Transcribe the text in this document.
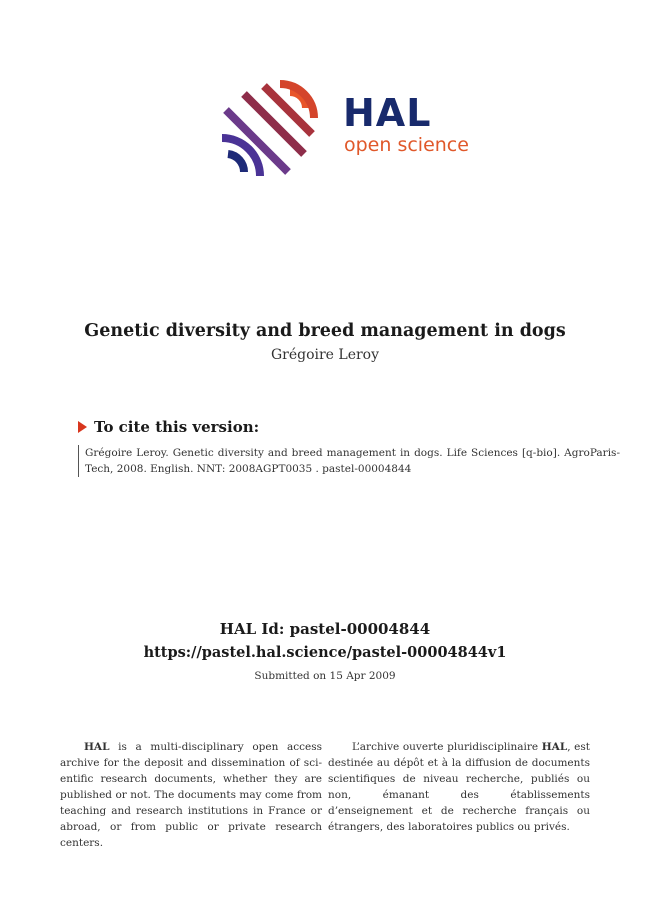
HAL
open science
Genetic diversity and breed management in dogs
Grégoire Leroy
To cite this version:
Grégoire Leroy. Genetic diversity and breed management in dogs. Life Sciences [q-bio]. AgroParis-Tech, 2008. English. NNT: 2008AGPT0035 . pastel-00004844
HAL Id: pastel-00004844
https://pastel.hal.science/pastel-00004844v1
Submitted on 15 Apr 2009
HAL is a multi-disciplinary open access archive for the deposit and dissemination of scientific research documents, whether they are published or not. The documents may come from teaching and research institutions in France or abroad, or from public or private research centers.
L’archive ouverte pluridisciplinaire HAL, est destinée au dépôt et à la diffusion de documents scientifiques de niveau recherche, publiés ou non, émanant des établissements d’enseignement et de recherche français ou étrangers, des laboratoires publics ou privés.
